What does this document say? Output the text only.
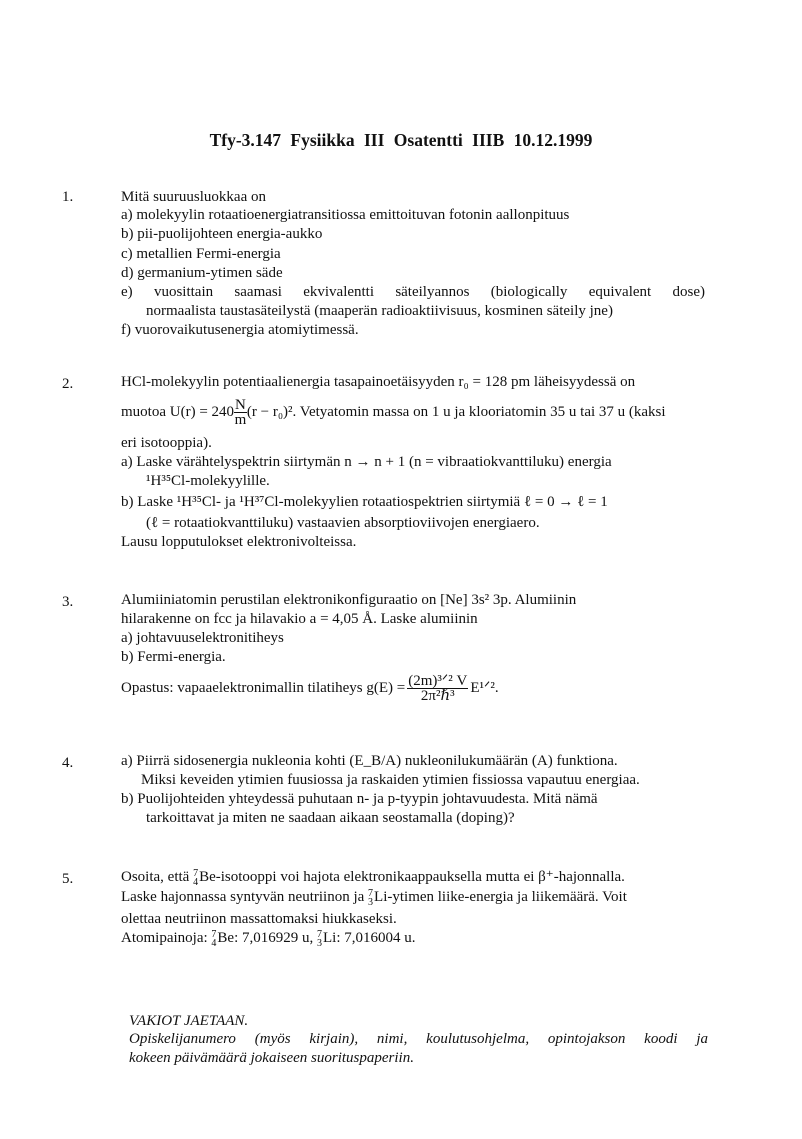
Tfy-3.147 Fysiikka III Osatentti IIIB 10.12.1999
1.	Mitä suuruusluokkaa on
a) molekyylin rotaatioenergiatransitiossa emittoituvan fotonin aallonpituus
b) pii-puolijohteen energia-aukko
c) metallien Fermi-energia
d) germanium-ytimen säde
e) vuosittain saamasi ekvivalentti säteilyannos (biologically equivalent dose)
normaalista taustasäteilystä (maaperän radioaktiivisuus, kosminen säteily jne)
f) vuorovaikutusenergia atomiytimessä.
2.	HCl-molekyylin potentiaalienergia tasapainoetäisyyden r₀ = 128 pm läheisyydessä on
muotoa $U(r) = 240 \frac{N}{m} (r - r_0)^2$. Vetyatomin massa on 1 u ja klooriatomin 35 u tai 37 u (kaksi
eri isotooppia).
a) Laske värähtelyspektrin siirtymän n → n + 1 (n = vibraatiokvanttiluku) energia
¹H³⁵Cl-molekyylille.
b) Laske ¹H³⁵Cl- ja ¹H³⁷Cl-molekyylien rotaatiospektrien siirtymiä ℓ = 0 → ℓ = 1
(ℓ = rotaatiokvanttiluku) vastaavien absorptioviivojen energiaero.
Lausu lopputulokset elektronivolteissa.
3.	Alumiiniatomin perustilan elektronikonfiguraatio on [Ne] 3s² 3p. Alumiinin
hilarakenne on fcc ja hilavakio a = 4,05 Å. Laske alumiinin
a) johtavuuselektronitiheys
b) Fermi-energia.
Opastus: vapaaelektronimallin tilatiheys $g(E) = \frac{\text{(2m)³ᐟ² V}}{\text{2π²ℏ³}}$ E¹ᐟ².
4.	a) Piirrä sidosenergia nukleonia kohti (E_B/A) nukleonilukumäärän (A) funktiona.
Miksi keveiden ytimien fuusiossa ja raskaiden ytimien fissiossa vapautuu energiaa.
b) Puolijohteiden yhteydessä puhutaan n- ja p-tyypin johtavuudesta. Mitä nämä
tarkoittavat ja miten ne saadaan aikaan seostamalla (doping)?
5.	Osoita, että 7
4 Be-isotooppi voi hajota elektronikaappauksella mutta ei β⁺-hajonnalla.
Laske hajonnassa syntyvän neutriinon ja 7
3 Li-ytimen liike-energia ja liikemäärä. Voit
olettaa neutriinon massattomaksi hiukkaseksi.
Atomipainoja: 7
4 Be: 7,016929 u, 7
3 Li: 7,016004 u.
VAKIOT JAETAAN.
Opiskelijanumero (myös kirjain), nimi, koulutusohjelma, opintojakson koodi ja
kokeen päivämäärä jokaiseen suorituspaperiin.
